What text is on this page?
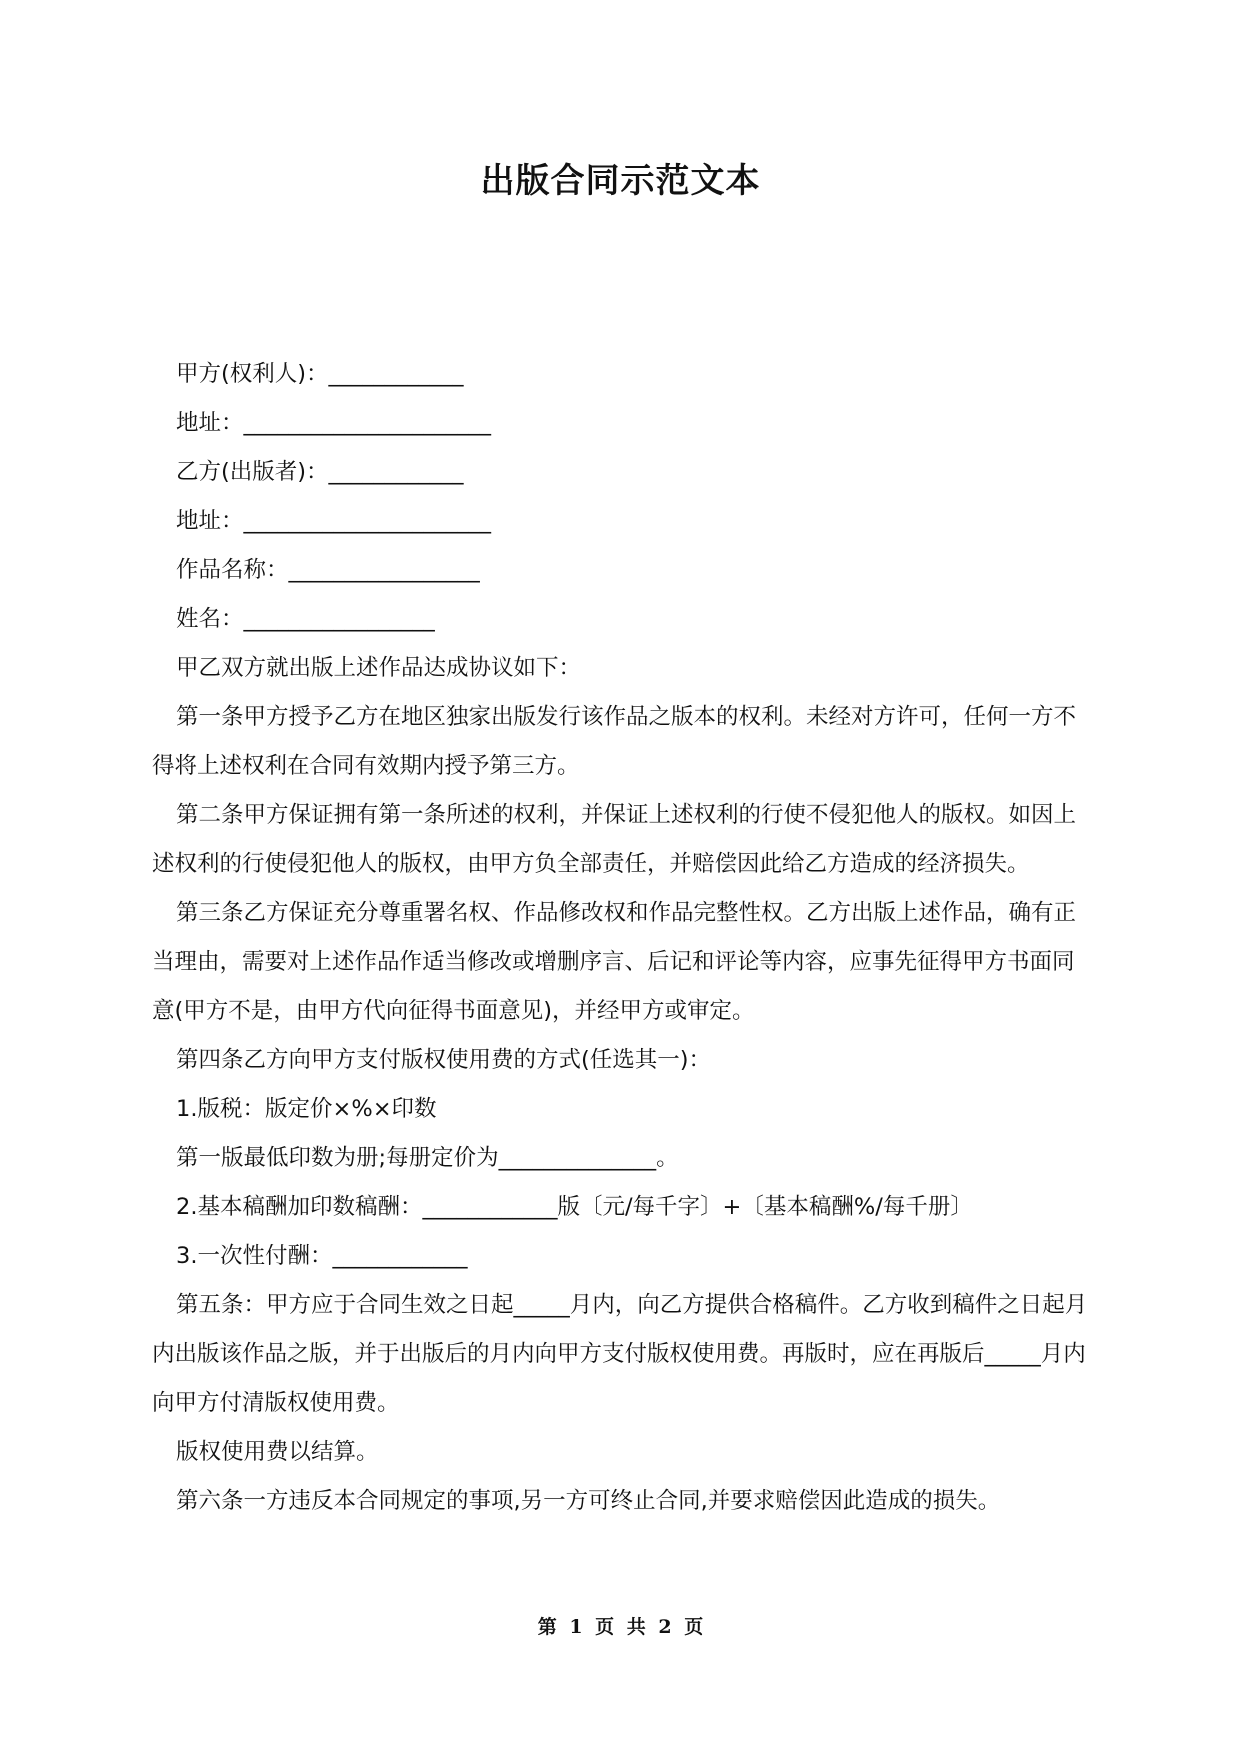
出版合同示范文本

甲方(权利人)：____________

地址：______________________

乙方(出版者)：____________

地址：______________________

作品名称：_________________

姓名：_________________

甲乙双方就出版上述作品达成协议如下：

第一条甲方授予乙方在地区独家出版发行该作品之版本的权利。未经对方许可，任何一方不得将上述权利在合同有效期内授予第三方。

第二条甲方保证拥有第一条所述的权利，并保证上述权利的行使不侵犯他人的版权。如因上述权利的行使侵犯他人的版权，由甲方负全部责任，并赔偿因此给乙方造成的经济损失。

第三条乙方保证充分尊重署名权、作品修改权和作品完整性权。乙方出版上述作品，确有正当理由，需要对上述作品作适当修改或增删序言、后记和评论等内容，应事先征得甲方书面同意(甲方不是，由甲方代向征得书面意见)，并经甲方或审定。

第四条乙方向甲方支付版权使用费的方式(任选其一)：

1.版税：版定价×%×印数

第一版最低印数为册;每册定价为______________。

2.基本稿酬加印数稿酬：____________版〔元/每千字〕+〔基本稿酬%/每千册〕

3.一次性付酬：____________

第五条：甲方应于合同生效之日起_____月内，向乙方提供合格稿件。乙方收到稿件之日起月内出版该作品之版，并于出版后的月内向甲方支付版权使用费。再版时，应在再版后_____月内向甲方付清版权使用费。

版权使用费以结算。

第六条一方违反本合同规定的事项,另一方可终止合同,并要求赔偿因此造成的损失。

第 1 页 共 2 页
